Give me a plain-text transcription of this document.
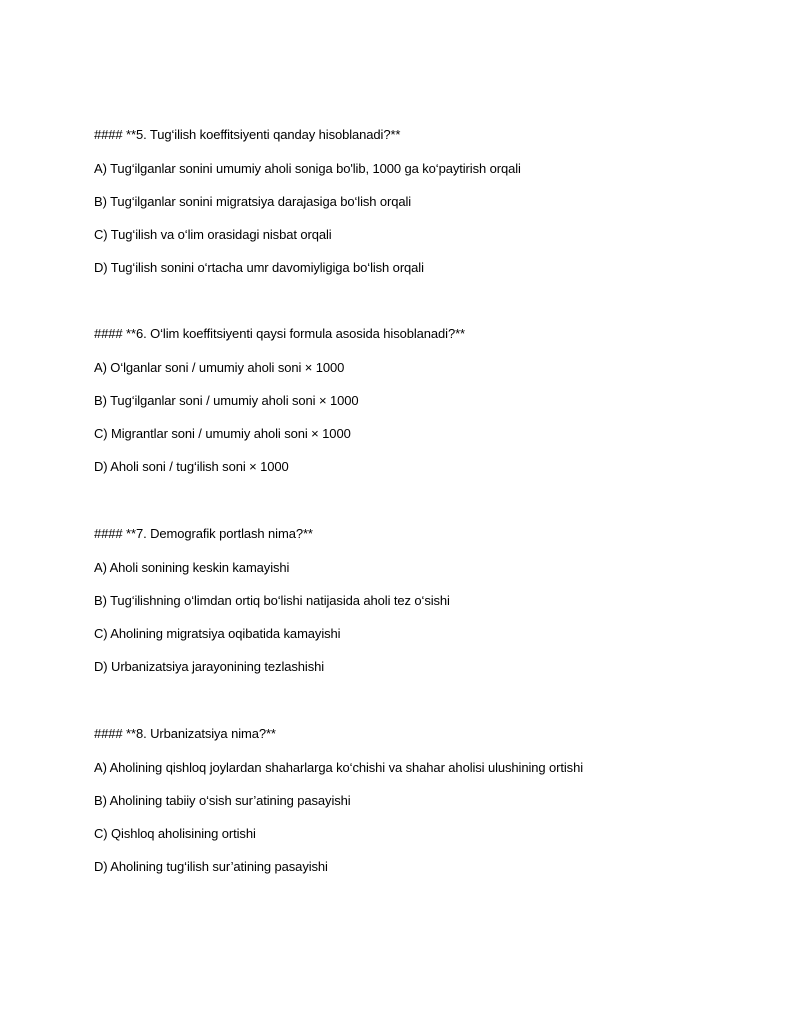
#### **5. Tug‘ilish koeffitsiyenti qanday hisoblanadi?**
A) Tug‘ilganlar sonini umumiy aholi soniga bo'lib, 1000 ga ko‘paytirish orqali
B) Tug‘ilganlar sonini migratsiya darajasiga bo‘lish orqali
C) Tug‘ilish va o‘lim orasidagi nisbat orqali
D) Tug‘ilish sonini o‘rtacha umr davomiyligiga bo‘lish orqali
#### **6. O‘lim koeffitsiyenti qaysi formula asosida hisoblanadi?**
A) O‘lganlar soni / umumiy aholi soni × 1000
B) Tug‘ilganlar soni / umumiy aholi soni × 1000
C) Migrantlar soni / umumiy aholi soni × 1000
D) Aholi soni / tug‘ilish soni × 1000
#### **7. Demografik portlash nima?**
A) Aholi sonining keskin kamayishi
B) Tug‘ilishning o‘limdan ortiq bo‘lishi natijasida aholi tez o‘sishi
C) Aholining migratsiya oqibatida kamayishi
D) Urbanizatsiya jarayonining tezlashishi
#### **8. Urbanizatsiya nima?**
A) Aholining qishloq joylardan shaharlarga ko‘chishi va shahar aholisi ulushining ortishi
B) Aholining tabiiy o‘sish sur’atining pasayishi
C) Qishloq aholisining ortishi
D) Aholining tug‘ilish sur’atining pasayishi
